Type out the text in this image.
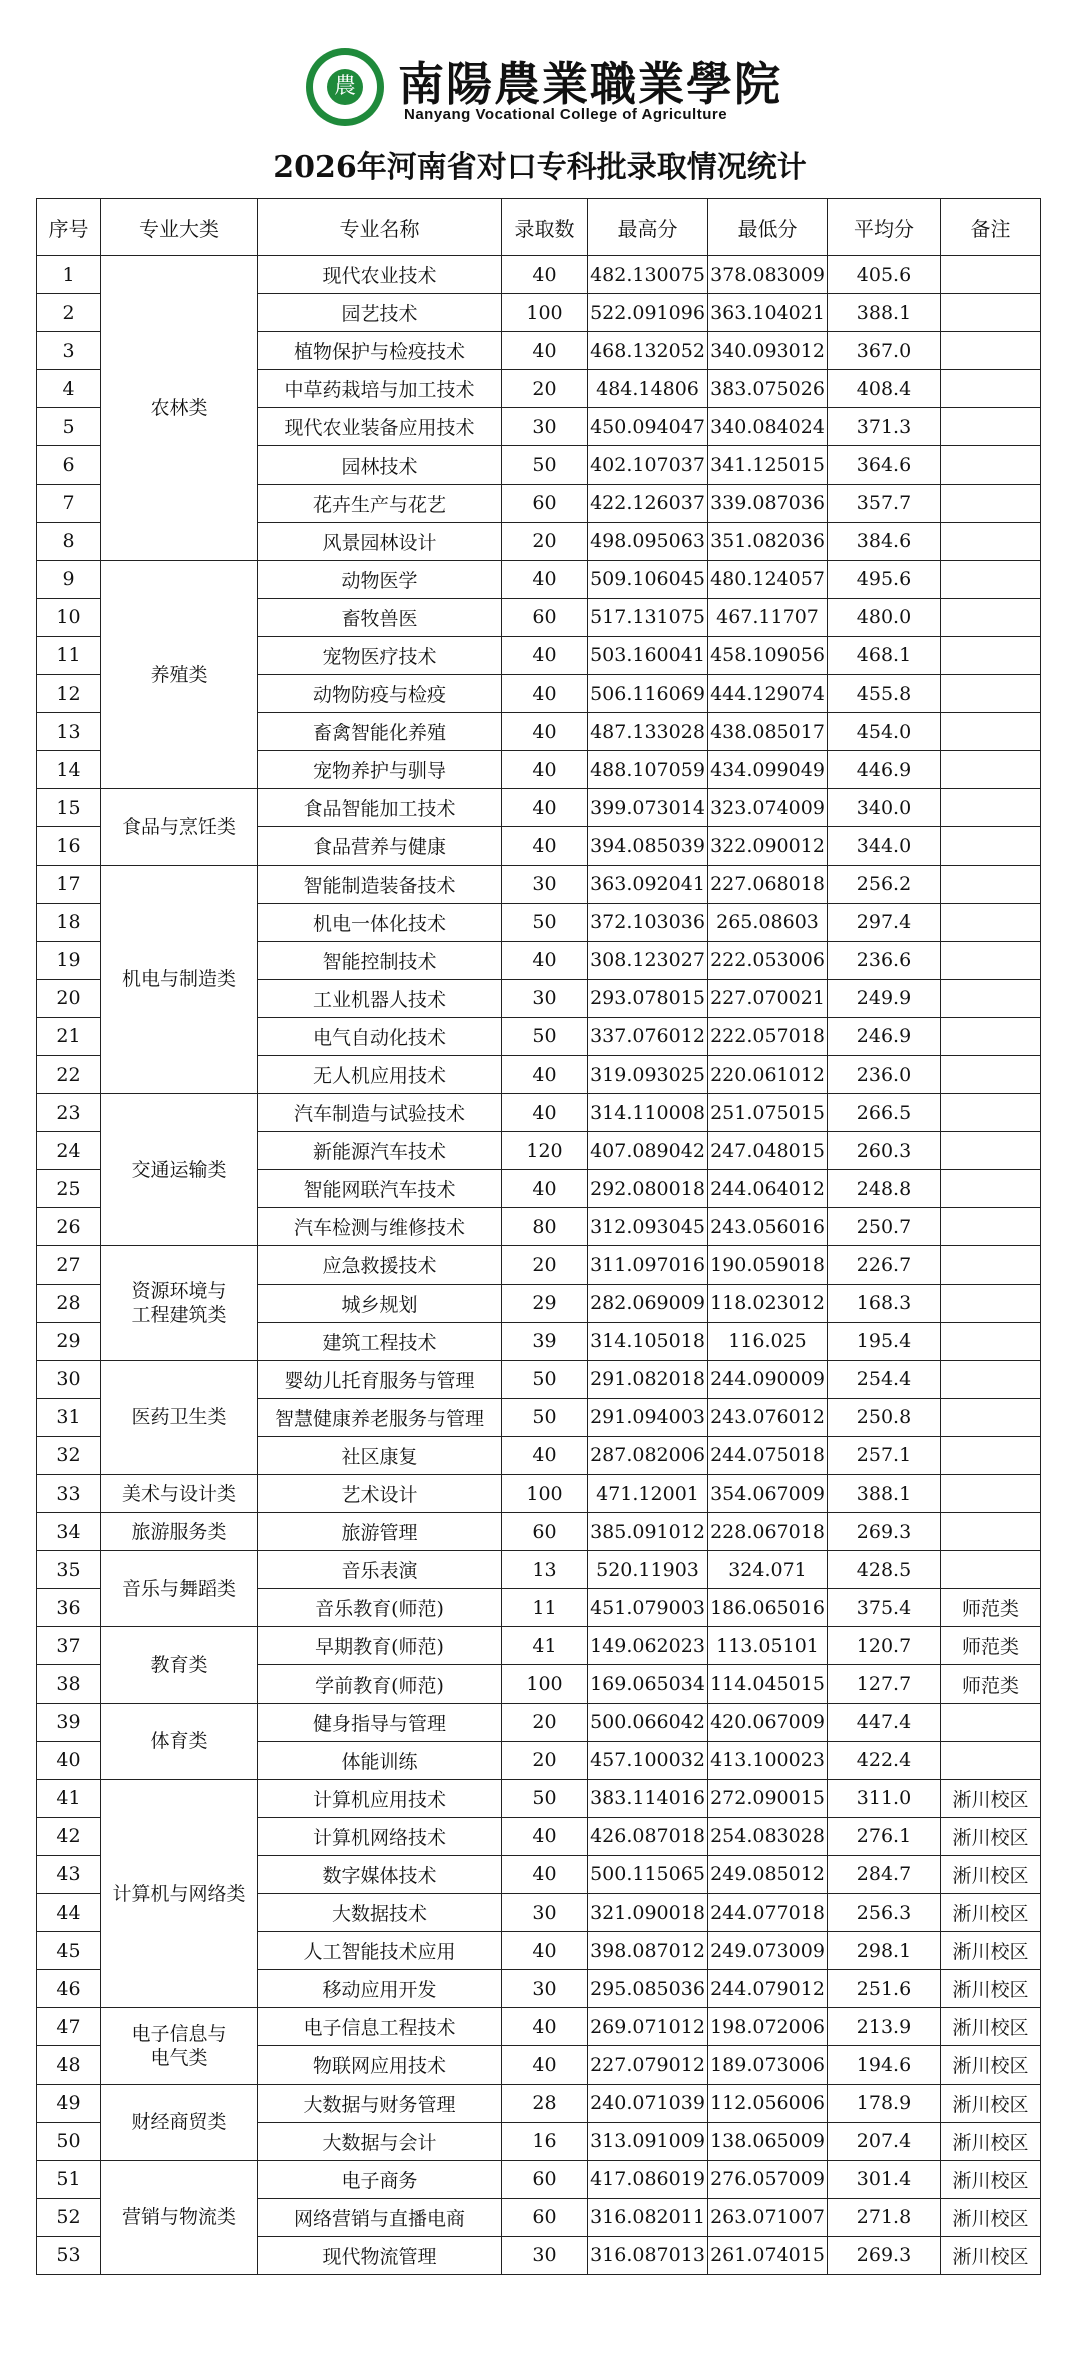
農 南陽農業職業學院
Nanyang Vocational College of Agriculture
2026年河南省对口专科批录取情况统计
序号	专业大类	专业名称	录取数	最高分	最低分	平均分	备注
1	农林类	现代农业技术	40	482.130075	378.083009	405.6	
2		园艺技术	100	522.091096	363.104021	388.1	
3		植物保护与检疫技术	40	468.132052	340.093012	367.0	
4		中草药栽培与加工技术	20	484.14806	383.075026	408.4	
5		现代农业装备应用技术	30	450.094047	340.084024	371.3	
6		园林技术	50	402.107037	341.125015	364.6	
7		花卉生产与花艺	60	422.126037	339.087036	357.7	
8		风景园林设计	20	498.095063	351.082036	384.6	
9	养殖类	动物医学	40	509.106045	480.124057	495.6	
10		畜牧兽医	60	517.131075	467.11707	480.0	
11		宠物医疗技术	40	503.160041	458.109056	468.1	
12		动物防疫与检疫	40	506.116069	444.129074	455.8	
13		畜禽智能化养殖	40	487.133028	438.085017	454.0	
14		宠物养护与驯导	40	488.107059	434.099049	446.9	
15	食品与烹饪类	食品智能加工技术	40	399.073014	323.074009	340.0	
16		食品营养与健康	40	394.085039	322.090012	344.0	
17	机电与制造类	智能制造装备技术	30	363.092041	227.068018	256.2	
18		机电一体化技术	50	372.103036	265.08603	297.4	
19		智能控制技术	40	308.123027	222.053006	236.6	
20		工业机器人技术	30	293.078015	227.070021	249.9	
21		电气自动化技术	50	337.076012	222.057018	246.9	
22		无人机应用技术	40	319.093025	220.061012	236.0	
23	交通运输类	汽车制造与试验技术	40	314.110008	251.075015	266.5	
24		新能源汽车技术	120	407.089042	247.048015	260.3	
25		智能网联汽车技术	40	292.080018	244.064012	248.8	
26		汽车检测与维修技术	80	312.093045	243.056016	250.7	
27	资源环境与
工程建筑类	应急救援技术	20	311.097016	190.059018	226.7	
28		城乡规划	29	282.069009	118.023012	168.3	
29		建筑工程技术	39	314.105018	116.025	195.4	
30	医药卫生类	婴幼儿托育服务与管理	50	291.082018	244.090009	254.4	
31		智慧健康养老服务与管理	50	291.094003	243.076012	250.8	
32		社区康复	40	287.082006	244.075018	257.1	
33	美术与设计类	艺术设计	100	471.12001	354.067009	388.1	
34	旅游服务类	旅游管理	60	385.091012	228.067018	269.3	
35	音乐与舞蹈类	音乐表演	13	520.11903	324.071	428.5	
36		音乐教育(师范)	11	451.079003	186.065016	375.4	师范类
37	教育类	早期教育(师范)	41	149.062023	113.05101	120.7	师范类
38		学前教育(师范)	100	169.065034	114.045015	127.7	师范类
39	体育类	健身指导与管理	20	500.066042	420.067009	447.4	
40		体能训练	20	457.100032	413.100023	422.4	
41	计算机与网络类	计算机应用技术	50	383.114016	272.090015	311.0	淅川校区
42		计算机网络技术	40	426.087018	254.083028	276.1	淅川校区
43		数字媒体技术	40	500.115065	249.085012	284.7	淅川校区
44		大数据技术	30	321.090018	244.077018	256.3	淅川校区
45		人工智能技术应用	40	398.087012	249.073009	298.1	淅川校区
46		移动应用开发	30	295.085036	244.079012	251.6	淅川校区
47	电子信息与
电气类	电子信息工程技术	40	269.071012	198.072006	213.9	淅川校区
48		物联网应用技术	40	227.079012	189.073006	194.6	淅川校区
49	财经商贸类	大数据与财务管理	28	240.071039	112.056006	178.9	淅川校区
50		大数据与会计	16	313.091009	138.065009	207.4	淅川校区
51	营销与物流类	电子商务	60	417.086019	276.057009	301.4	淅川校区
52		网络营销与直播电商	60	316.082011	263.071007	271.8	淅川校区
53		现代物流管理	30	316.087013	261.074015	269.3	淅川校区
